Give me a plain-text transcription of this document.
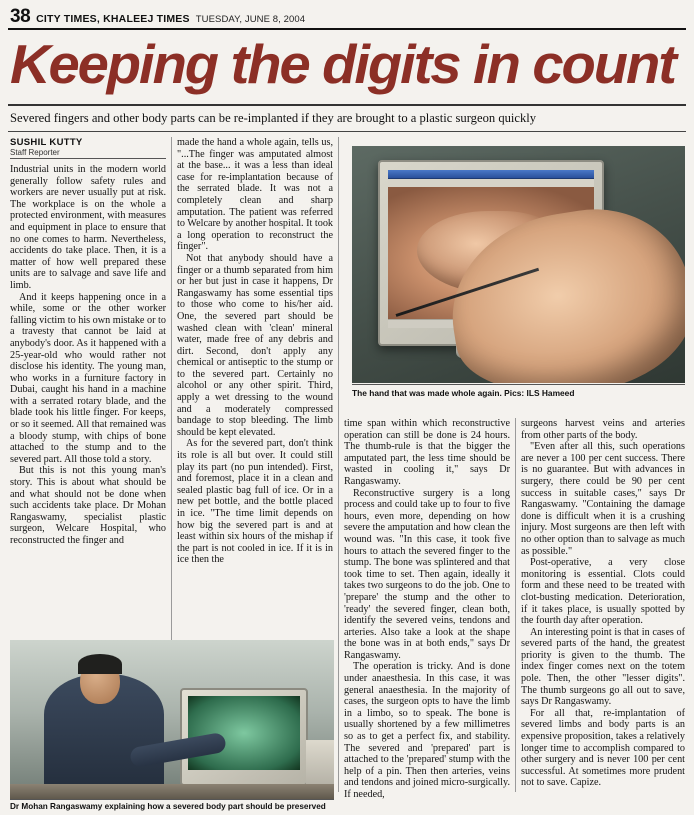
38 CITY TIMES, KHALEEJ TIMES TUESDAY, JUNE 8, 2004
Keeping the digits in count
Severed fingers and other body parts can be re-implanted if they are brought to a plastic surgeon quickly
SUSHIL KUTTY
Staff Reporter

Industrial units in the modern world generally follow safety rules and workers are never usually put at risk. The workplace is on the whole a protected environment, with measures and equipment in place to ensure that no one comes to harm. Nevertheless, accidents do take place. Then, it is a matter of how well prepared these units are to salvage and save life and limb.

And it keeps happening once in a while, some or the other worker falling victim to his own mistake or to a travesty that cannot be laid at anybody's door. As it happened with a 25-year-old who would rather not disclose his identity. The young man, who works in a furniture factory in Dubai, caught his hand in a machine with a serrated rotary blade, and the blade took his little finger. For keeps, or so it seemed. All that remained was a bloody stump, with chips of bone attached to the stump and to the severed part. All those told a story.

But this is not this young man's story. This is about what should be and what should not be done when such accidents take place. Dr Mohan Rangaswamy, specialist plastic surgeon, Welcare Hospital, who reconstructed the finger and

made the hand a whole again, tells us, "...The finger was amputated almost at the base... it was a less than ideal case for re-implantation because of the serrated blade. It was not a completely clean and sharp amputation. The patient was referred to Welcare by another hospital. It took a long operation to reconstruct the finger".

Not that anybody should have a finger or a thumb separated from him or her but just in case it happens, Dr Rangaswamy has some essential tips to those who come to his/her aid. One, the severed part should be washed clean with 'clean' mineral water, made free of any debris and dirt. Second, don't apply any chemical or antiseptic to the stump or to the severed part. Certainly no alcohol or any other spirit. Third, apply a wet dressing to the wound and a moderately compressed bandage to stop bleeding. The limb should be kept elevated.

As for the severed part, don't think its role is all but over. It could still play its part (no pun intended). First, and foremost, place it in a clean and sealed plastic bag full of ice. Or in a new pet bottle, and the bottle placed in ice. "The time limit depends on how big the severed part is and at least within six hours of the mishap if the part is not cooled in ice. If it is in ice then the

The hand that was made whole again. Pics: ILS Hameed

time span within which reconstructive operation can still be done is 24 hours. The thumb-rule is that the bigger the amputated part, the less time should be wasted in cooling it," says Dr Rangaswamy.

Reconstructive surgery is a long process and could take up to four to five hours, even more, depending on how severe the amputation and how clean the wound was. "In this case, it took five hours to attach the severed finger to the stump. The bone was splintered and that took time to set. Then again, ideally it takes two surgeons to do the job. One to 'prepare' the stump and the other to 'ready' the severed finger, clean both, identify the severed veins, tendons and arteries. Also take a look at the shape the bone was in at both ends," says Dr Rangaswamy.

The operation is tricky. And is done under anaesthesia. In this case, it was general anaesthesia. In the majority of cases, the surgeon opts to have the limb in a limbo, so to speak. The bone is usually shortened by a few millimetres so as to get a perfect fix, and stability. The severed and 'prepared' part is attached to the 'prepared' stump with the help of a pin. Then then arteries, veins and tendons and joined micro-surgically. If needed,

surgeons harvest veins and arteries from other parts of the body.

"Even after all this, such operations are never a 100 per cent success. There is no guarantee. But with advances in surgery, there could be 90 per cent success in suitable cases," says Dr Rangaswamy. "Containing the damage done is difficult when it is a crushing injury. Most surgeons are then left with no other option than to salvage as much as possible."

Post-operative, a very close monitoring is essential. Clots could form and these need to be treated with clot-busting medication. Deterioration, if it takes place, is usually spotted by the fourth day after operation.

An interesting point is that in cases of severed parts of the hand, the greatest priority is given to the thumb. The index finger comes next on the totem pole. Then, the other "lesser digits". The thumb surgeons go all out to save, says Dr Rangaswamy.

For all that, re-implantation of severed limbs and body parts is an expensive proposition, takes a relatively longer time to accomplish compared to other surgery and is never 100 per cent successful. At sometimes more prudent not to save. Capize.

Dr Mohan Rangaswamy explaining how a severed body part should be preserved
